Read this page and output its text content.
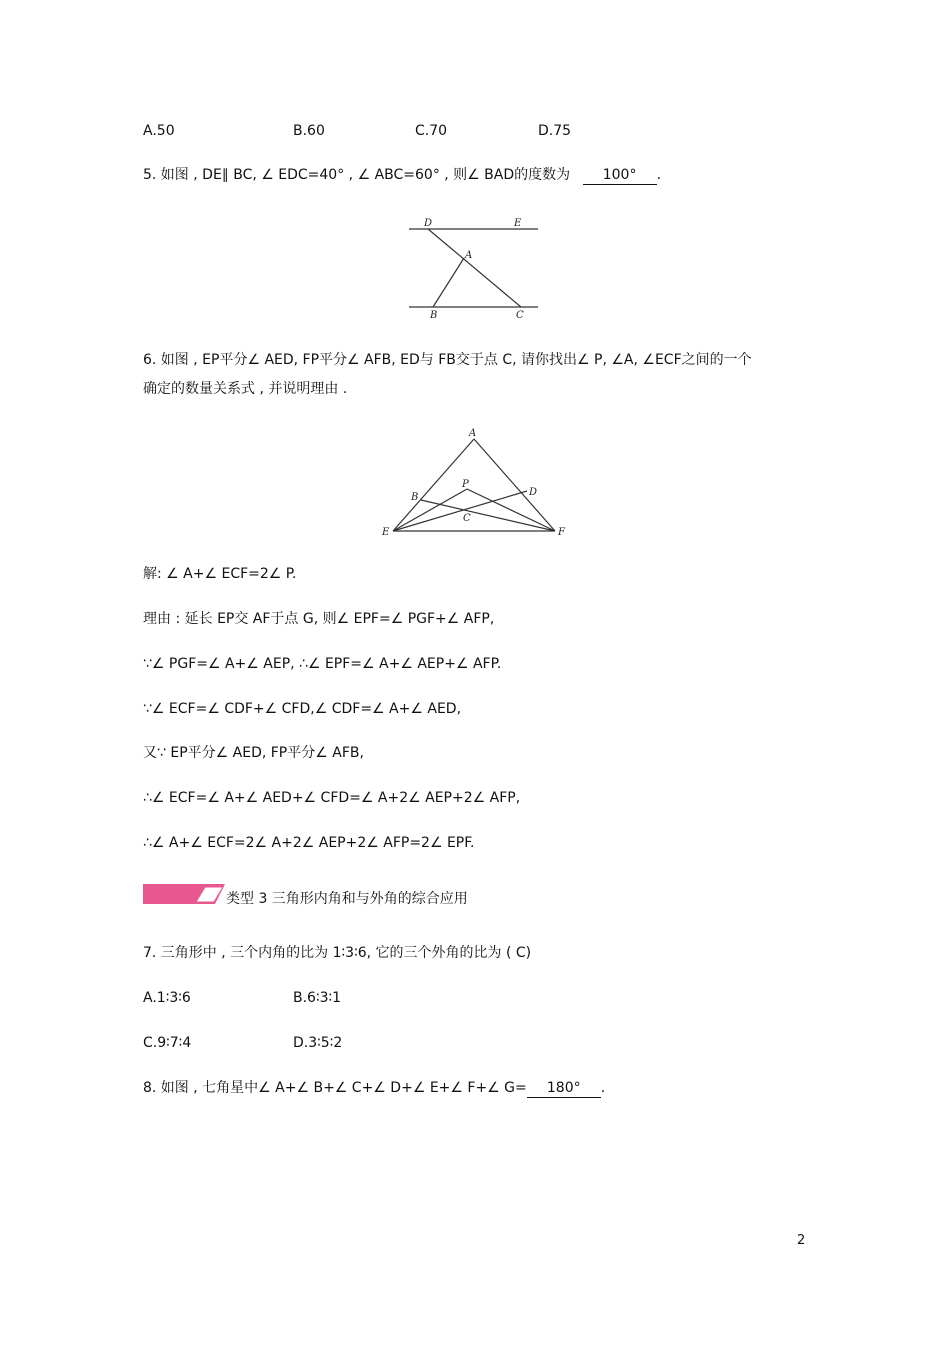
A.50	B.60	C.70	D.75
5. 如图 , DE∥ BC, ∠ EDC=40° , ∠ ABC=60° , 则∠ BAD的度数为 100° .
D	E
A
B	C
6. 如图 , EP平分∠ AED, FP平分∠ AFB, ED与 FB交于点 C, 请你找出∠ P, ∠A, ∠ECF之间的一个
确定的数量关系式 , 并说明理由 .
A
B
P
D
C
E	F
解: ∠ A+∠ ECF=2∠ P.
理由 : 延长 EP交 AF于点 G, 则∠ EPF=∠ PGF+∠ AFP,
∵∠ PGF=∠ A+∠ AEP, ∴∠ EPF=∠ A+∠ AEP+∠ AFP.
∵∠ ECF=∠ CDF+∠ CFD,∠ CDF=∠ A+∠ AED,
又∵ EP平分∠ AED, FP平分∠ AFB,
∴∠ ECF=∠ A+∠ AED+∠ CFD=∠ A+2∠ AEP+2∠ AFP,
∴∠ A+∠ ECF=2∠ A+2∠ AEP+2∠ AFP=2∠ EPF.
类型 3 三角形内角和与外角的综合应用
7. 三角形中 , 三个内角的比为 1∶3∶6, 它的三个外角的比为 ( C)
A.1∶3∶6	B.6∶3∶1
C.9∶7∶4	D.3∶5∶2
8. 如图 , 七角星中∠ A+∠ B+∠ C+∠ D+∠ E+∠ F+∠ G= 180° .
2
